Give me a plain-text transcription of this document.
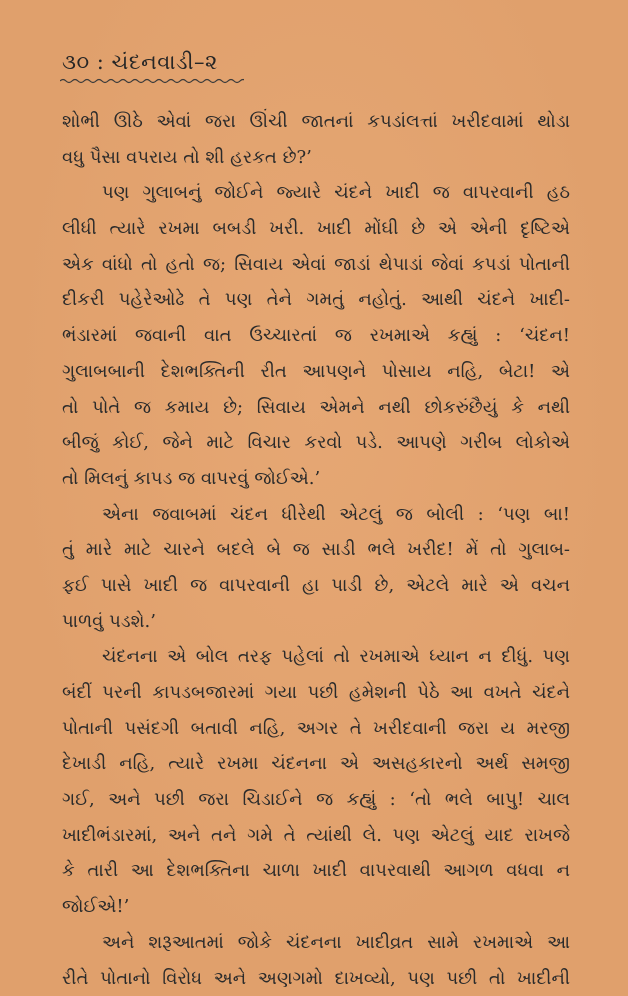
૩૦ : ચંદનવાડી–૨
શોભી ઊઠે એવાં જરા ઊંચી જાતનાં કપડાંલત્તાં ખરીદવામાં થોડા
વધુ પૈસા વપરાય તો શી હરકત છે?’
પણ ગુલાબનું જોઈને જ્યારે ચંદને ખાદી જ વાપરવાની હઠ
લીધી ત્યારે રખમા બબડી ખરી. ખાદી મોંઘી છે એ એની દૃષ્ટિએ
એક વાંધો તો હતો જ; સિવાય એવાં જાડાં થેપાડાં જેવાં કપડાં પોતાની
દીકરી પહેરેઓઢે તે પણ તેને ગમતું નહોતું. આથી ચંદને ખાદી-
ભંડારમાં જવાની વાત ઉચ્ચારતાં જ રખમાએ કહ્યું : ‘ચંદન!
ગુલાબબાની દેશભક્તિની રીત આપણને પોસાય નહિ, બેટા! એ
તો પોતે જ કમાય છે; સિવાય એમને નથી છોકરુંછૈયું કે નથી
બીજું કોઈ, જેને માટે વિચાર કરવો પડે. આપણે ગરીબ લોકોએ
તો મિલનું કાપડ જ વાપરવું જોઈએ.’
એના જવાબમાં ચંદન ધીરેથી એટલું જ બોલી : ‘પણ બા!
તું મારે માટે ચારને બદલે બે જ સાડી ભલે ખરીદ! મેં તો ગુલાબ-
ફઈ પાસે ખાદી જ વાપરવાની હા પાડી છે, એટલે મારે એ વચન
પાળવું પડશે.’
ચંદનના એ બોલ તરફ પહેલાં તો રખમાએ ધ્યાન ન દીધું. પણ
બંદીં પરની કાપડબજારમાં ગયા પછી હમેશની પેઠે આ વખતે ચંદને
પોતાની પસંદગી બતાવી નહિ, અગર તે ખરીદવાની જરા ય મરજી
દેખાડી નહિ, ત્યારે રખમા ચંદનના એ અસહકારનો અર્થ સમજી
ગઈ, અને પછી જરા ચિડાઈને જ કહ્યું : ‘તો ભલે બાપુ! ચાલ
ખાદીભંડારમાં, અને તને ગમે તે ત્યાંથી લે. પણ એટલું યાદ રાખજે
કે તારી આ દેશભક્તિના ચાળા ખાદી વાપરવાથી આગળ વધવા ન
જોઈએ!’
અને શરૂઆતમાં જોકે ચંદનના ખાદીવ્રત સામે રખમાએ આ
રીતે પોતાનો વિરોધ અને અણગમો દાખવ્યો, પણ પછી તો ખાદીની
